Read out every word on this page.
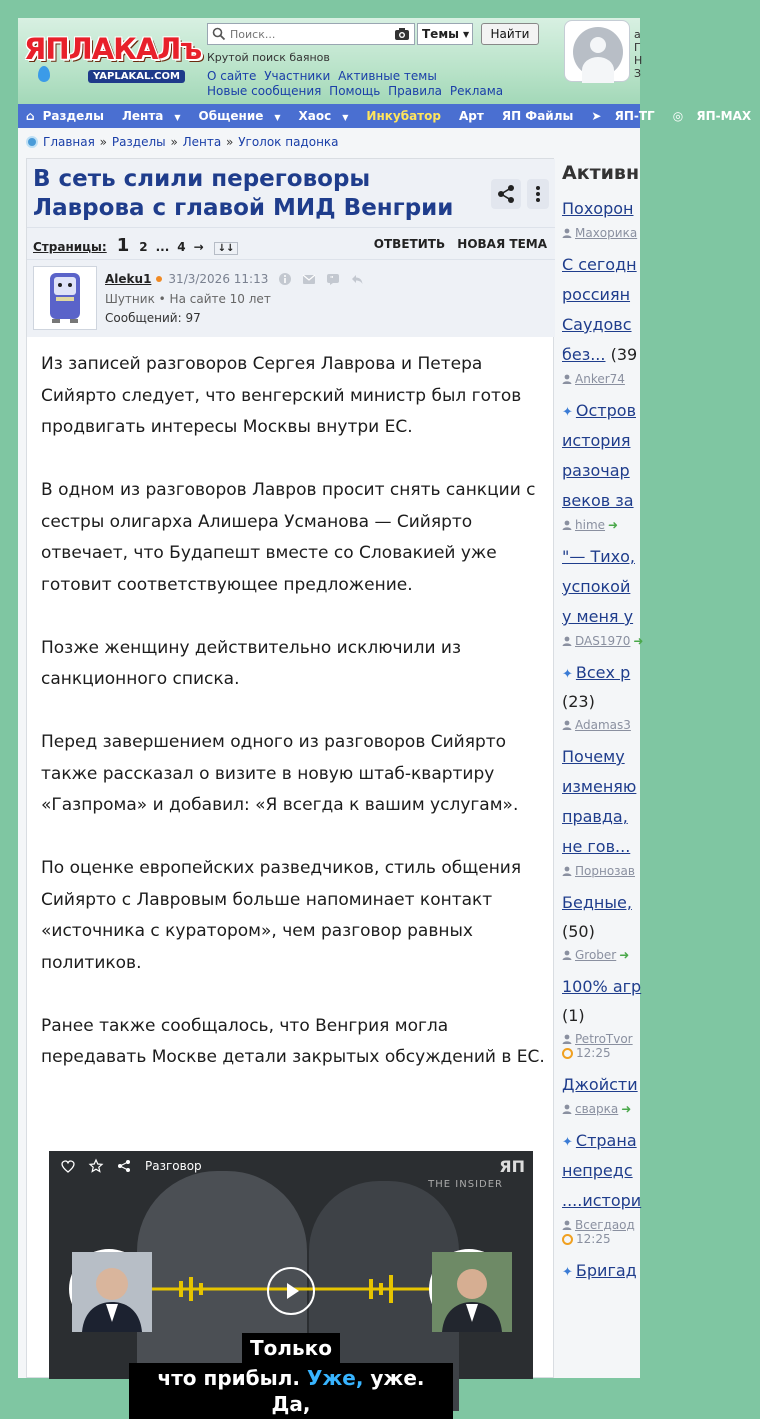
ЯПЛАКАЛъ
YAPLAKAL.COM
Поиск...
Темы ▼	Найти
Крутой поиск баянов
О сайте Участники Активные темы
Новые сообщения Помощь Правила Реклама
а
Г
Н
З
⌂ Разделы	Лента ▼	Общение ▼	Хаос ▼	Инкубатор	Арт	ЯП Файлы	➤ ЯП-ТГ	◎ ЯП-MAX
Главная » Разделы » Лента » Уголок падонка
В сеть слили переговоры Лаврова с главой МИД Венгрии
Страницы: 1 2 ... 4 →	↓↓	ОТВЕТИТЬ НОВАЯ ТЕМА
Aleku1 31/3/2026 11:13	"
Шутник • На сайте 10 лет
Сообщений: 97

Из записей разговоров Сергея Лаврова и Петера Сийярто следует, что венгерский министр был готов продвигать интересы Москвы внутри ЕС.

В одном из разговоров Лавров просит снять санкции с сестры олигарха Алишера Усманова — Сийярто отвечает, что Будапешт вместе со Словакией уже готовит соответствующее предложение.

Позже женщину действительно исключили из санкционного списка.

Перед завершением одного из разговоров Сийярто также рассказал о визите в новую штаб-квартиру «Газпрома» и добавил: «Я всегда к вашим услугам».

По оценке европейских разведчиков, стиль общения Сийярто с Лавровым больше напоминает контакт «источника с куратором», чем разговор равных политиков.

Ранее также сообщалось, что Венгрия могла передавать Москве детали закрытых обсуждений в ЕС.

Разговор	ЯП
THE INSIDER
Только
что прибыл. Уже, уже. Да,
Активн
Похорон
Махорика
С сегодн
россиян
Саудовс
без... (39
Anker74
✦ Остров
история
разочар
веков за
hime ➜
"— Тихо,
успокой
у меня у
DAS1970 ➜
✦ Всех р
(23)
Adamas3
Почему
изменяю
правда,
не гов...
Порнозав
Бедные,
(50)
Grober ➜
100% агр
(1)
PetroTvor
12:25
Джойсти
сварка ➜
✦ Страна
непредс
....истори
Всегдаод
12:25
✦ Бригад
